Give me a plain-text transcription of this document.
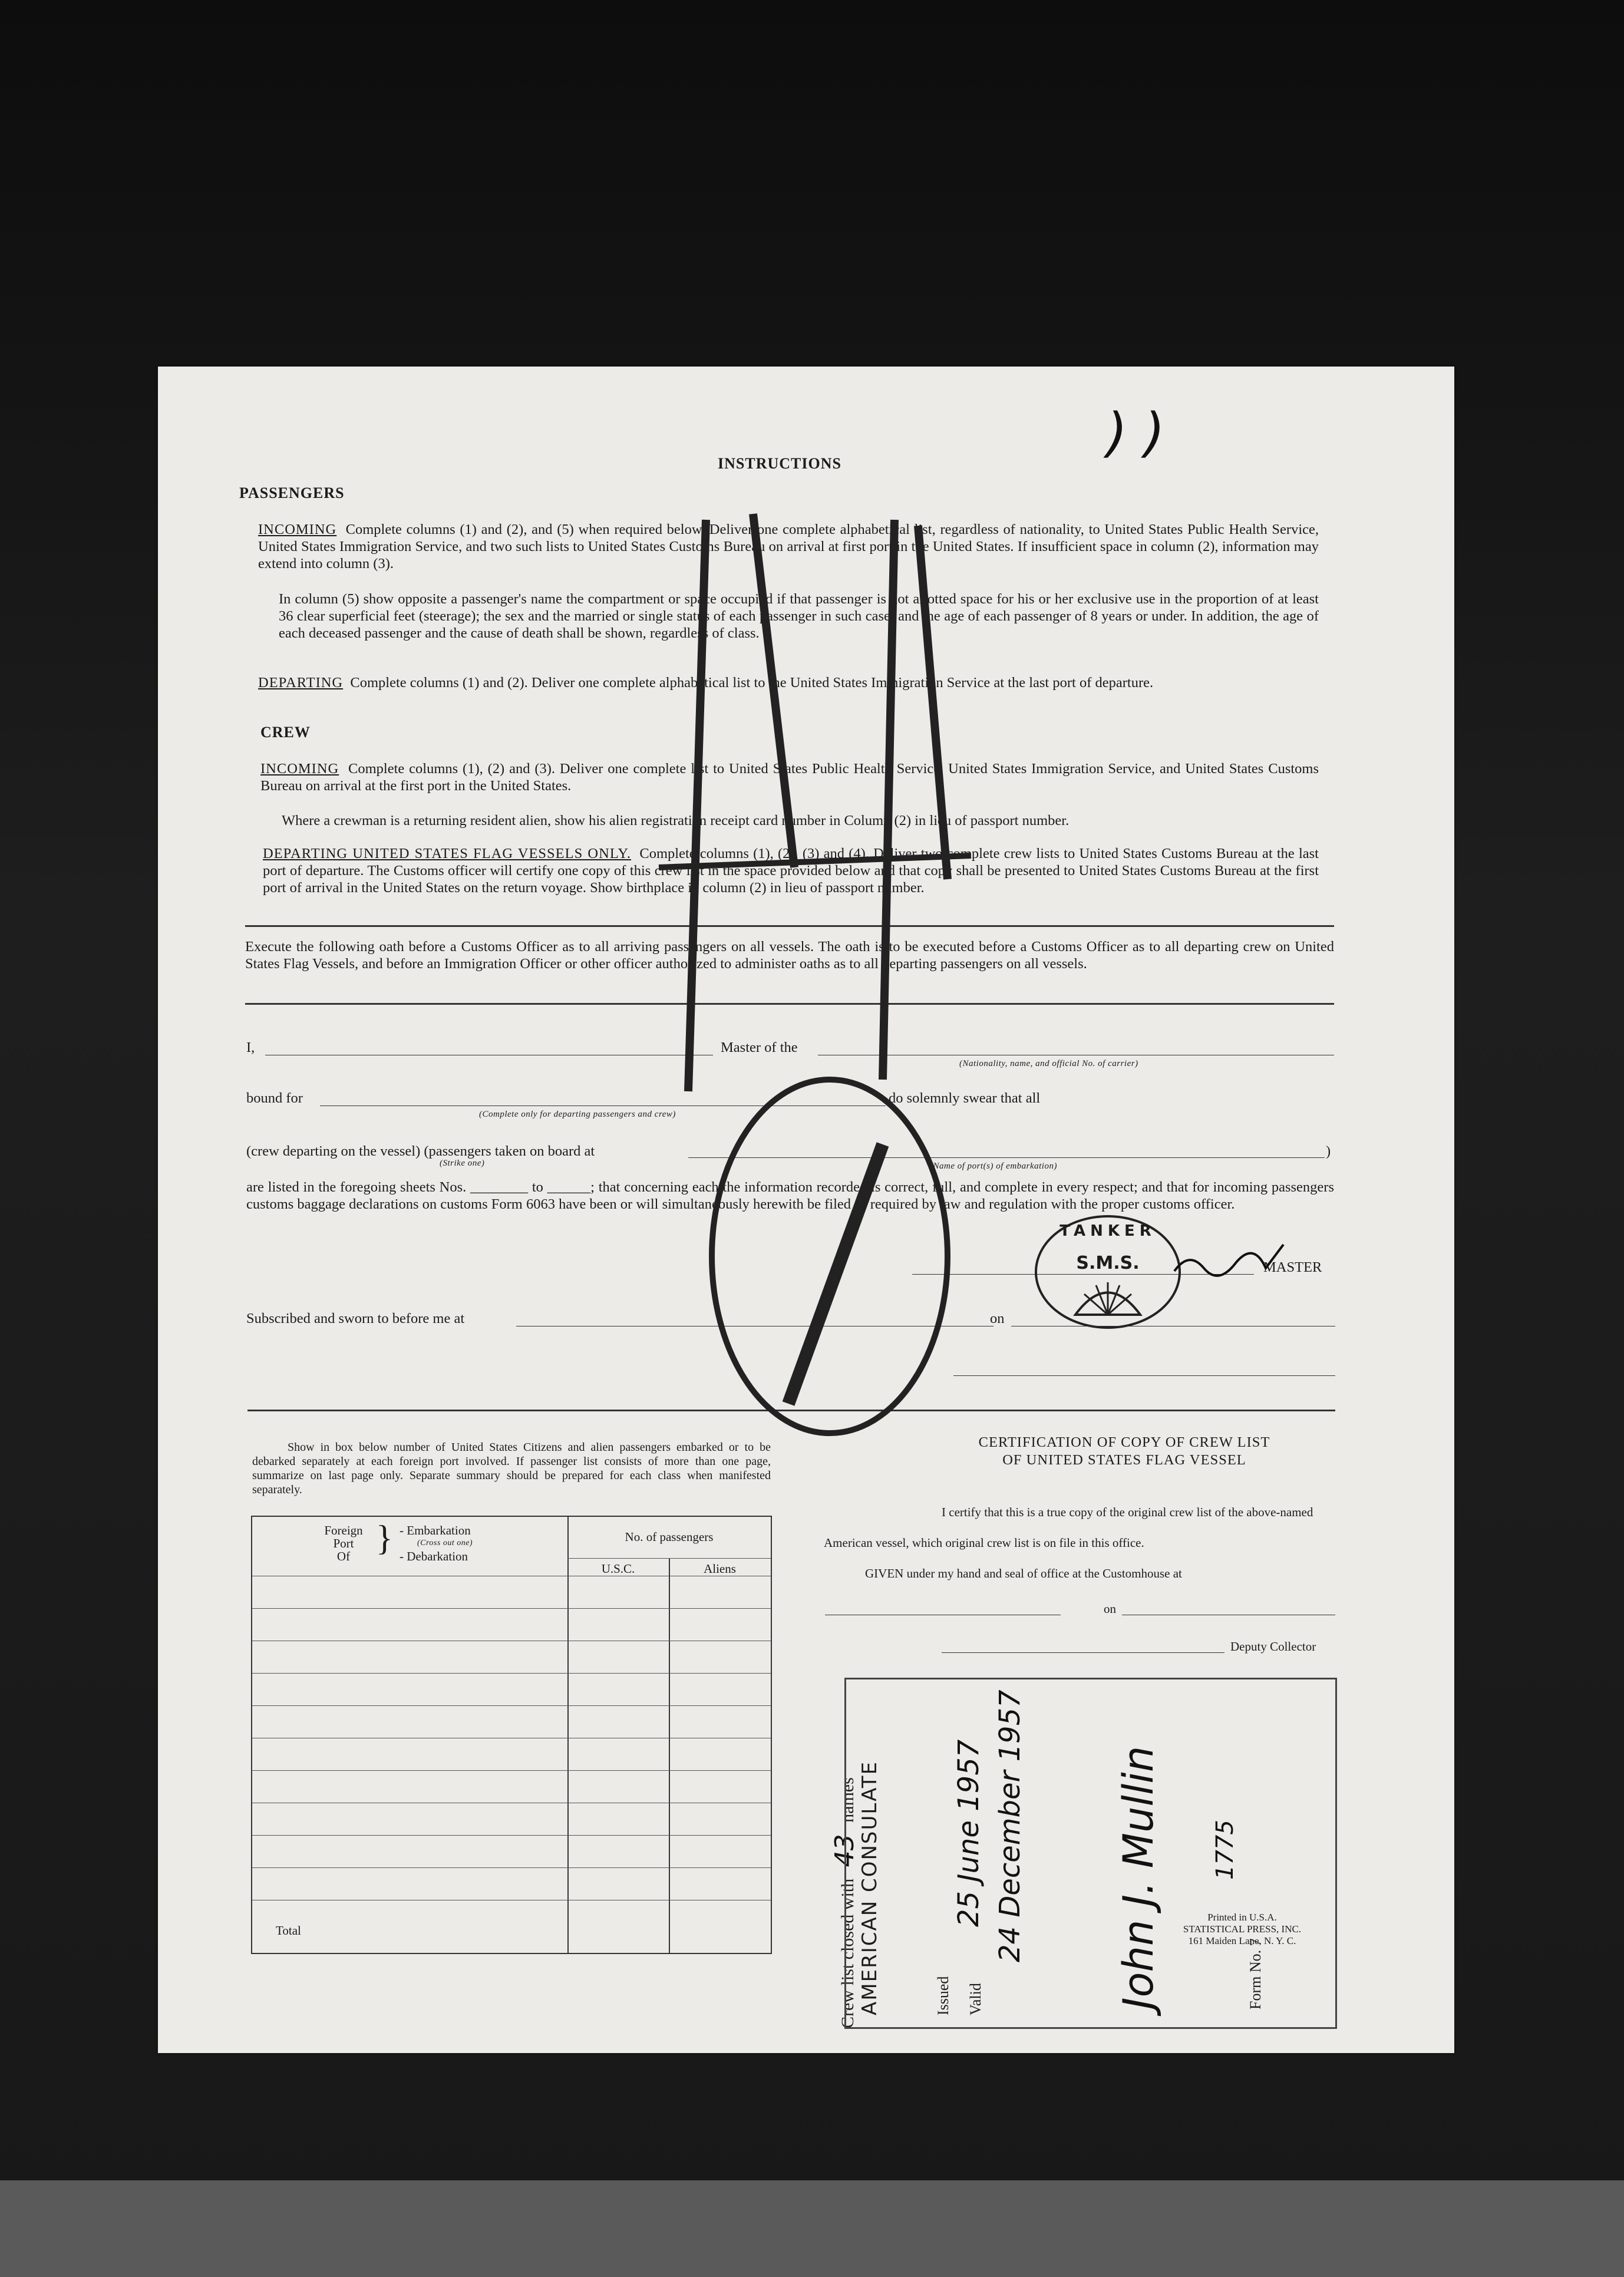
) )
INSTRUCTIONS
PASSENGERS
INCOMING Complete columns (1) and (2), and (5) when required below. Deliver one complete alphabetical list, regardless of nationality, to United States Public Health Service, United States Immigration Service, and two such lists to United States Customs Bureau on arrival at first port in the United States. If insufficient space in column (2), information may extend into column (3).
In column (5) show opposite a passenger's name the compartment or space occupied if that passenger is not allotted space for his or her exclusive use in the proportion of at least 36 clear superficial feet (steerage); the sex and the married or single status of each passenger in such case; and the age of each passenger of 8 years or under. In addition, the age of each deceased passenger and the cause of death shall be shown, regardless of class.
DEPARTING Complete columns (1) and (2). Deliver one complete alphabetical list to the United States Immigration Service at the last port of departure.
CREW
INCOMING Complete columns (1), (2) and (3). Deliver one complete list to United States Public Health Service, United States Immigration Service, and United States Customs Bureau on arrival at the first port in the United States.
Where a crewman is a returning resident alien, show his alien registration receipt card number in Column (2) in lieu of passport number.
DEPARTING UNITED STATES FLAG VESSELS ONLY. Complete columns (1), (2), (3) and (4). Deliver two complete crew lists to United States Customs Bureau at the last port of departure. The Customs officer will certify one copy of this crew list in the space provided below and that copy shall be presented to United States Customs Bureau at the first port of arrival in the United States on the return voyage. Show birthplace in column (2) in lieu of passport number.
Execute the following oath before a Customs Officer as to all arriving passengers on all vessels. The oath is to be executed before a Customs Officer as to all departing crew on United States Flag Vessels, and before an Immigration Officer or other officer authorized to administer oaths as to all departing passengers on all vessels.
I,	Master of the
(Nationality, name, and official No. of carrier)
bound for
(Complete only for departing passengers and crew)
do solemnly swear that all
(crew departing on the vessel) (passengers taken on board at
(Strike one)	(Name of port(s) of embarkation)
)
are listed in the foregoing sheets Nos. ________ to ______; that concerning each the information recorded is correct, full, and complete in every respect; and that for incoming passengers customs baggage declarations on customs Form 6063 have been or will simultaneously herewith be filed as required by law and regulation with the proper customs officer.
MASTER
TANKER
S.M.S.
Subscribed and sworn to before me at	on
Show in box below number of United States Citizens and alien passengers embarked or to be debarked separately at each foreign port involved. If passenger list consists of more than one page, summarize on last page only. Separate summary should be prepared for each class when manifested separately.
Foreign
Port
Of } - Embarkation
(Cross out one)
- Debarkation
No. of passengers
U.S.C.	Aliens
Total
CERTIFICATION OF COPY OF CREW LIST
OF UNITED STATES FLAG VESSEL
I certify that this is a true copy of the original crew list of the above-named
American vessel, which original crew list is on file in this office.
GIVEN under my hand and seal of office at the Customhouse at
on
Deputy Collector
Crew list closed with 43 names AMERICAN CONSULATE	Issued Valid
25 June 1957 24 December 1957 John J. Mullin	Form No. 7
1775
Printed in U.S.A.
STATISTICAL PRESS, INC.
161 Maiden Lane, N. Y. C.
